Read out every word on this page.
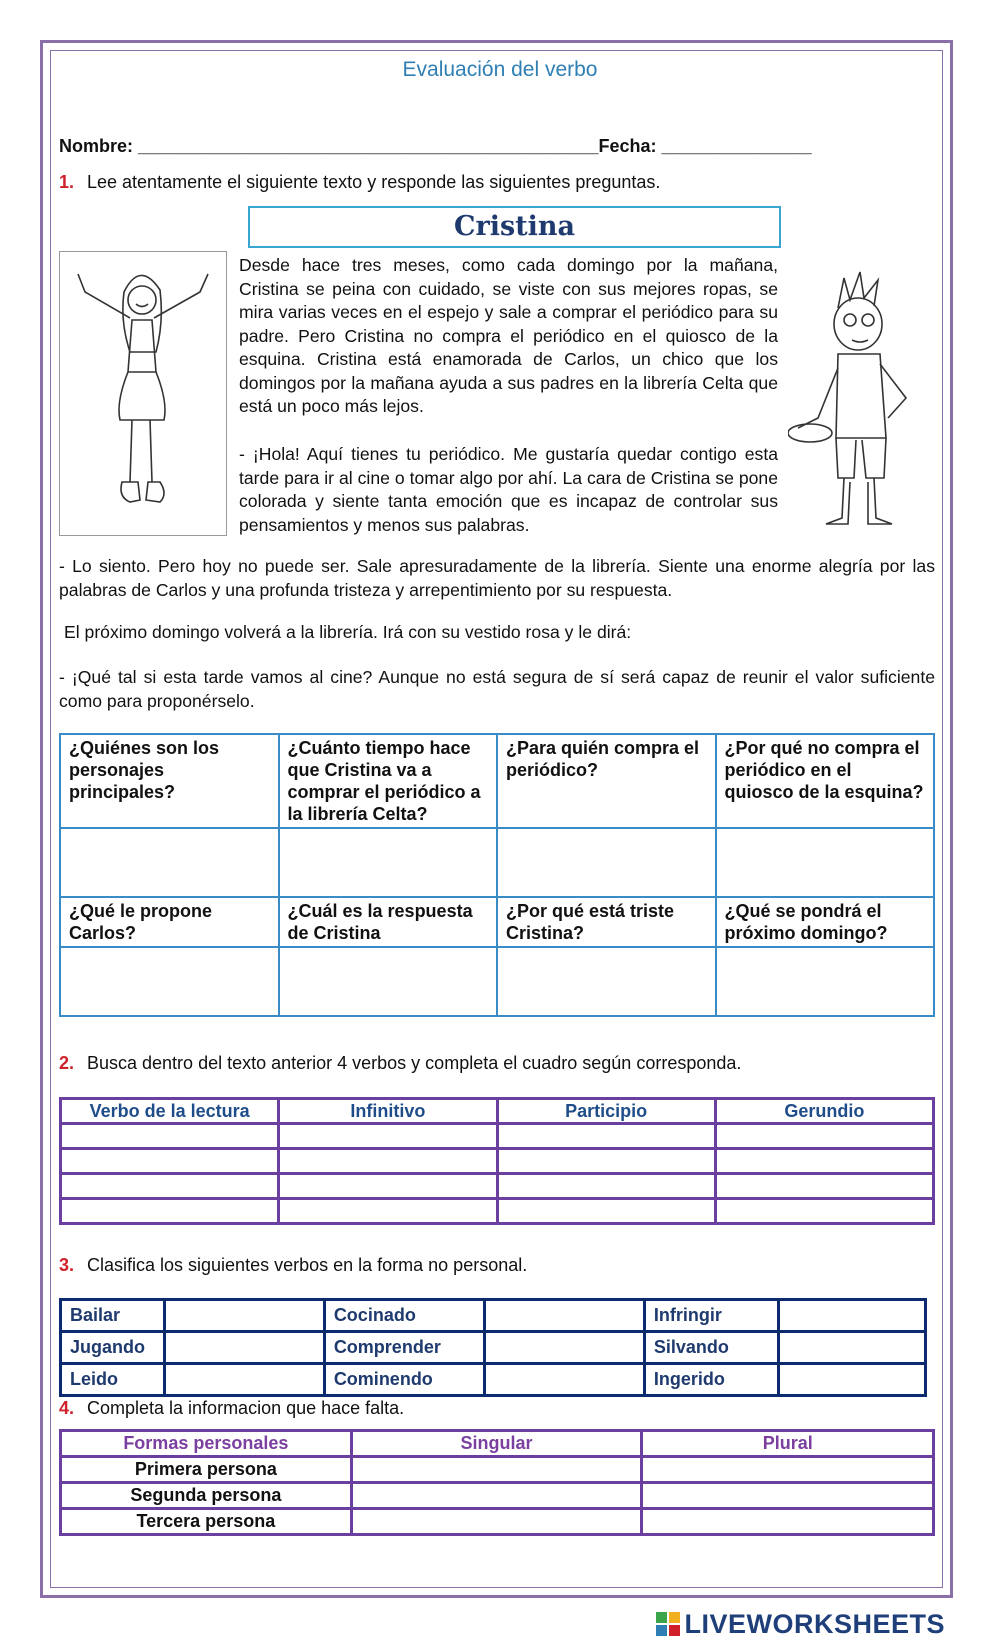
Evaluación del verbo
Nombre: ______________________________________________Fecha: _______________
1. Lee atentamente el siguiente texto y responde las siguientes preguntas.
Cristina
Desde hace tres meses, como cada domingo por la mañana, Cristina se peina con cuidado, se viste con sus mejores ropas, se mira varias veces en el espejo y sale a comprar el periódico para su padre. Pero Cristina no compra el periódico en el quiosco de la esquina. Cristina está enamorada de Carlos, un chico que los domingos por la mañana ayuda a sus padres en la librería Celta que está un poco más lejos.
- ¡Hola! Aquí tienes tu periódico. Me gustaría quedar contigo esta tarde para ir al cine o tomar algo por ahí. La cara de Cristina se pone colorada y siente tanta emoción que es incapaz de controlar sus pensamientos y menos sus palabras.
- Lo siento. Pero hoy no puede ser. Sale apresuradamente de la librería. Siente una enorme alegría por las palabras de Carlos y una profunda tristeza y arrepentimiento por su respuesta.
El próximo domingo volverá a la librería. Irá con su vestido rosa y le dirá:
- ¡Qué tal si esta tarde vamos al cine? Aunque no está segura de sí será capaz de reunir el valor suficiente como para proponérselo.
¿Quiénes son los personajes principales?	¿Cuánto tiempo hace que Cristina va a comprar el periódico a la librería Celta?	¿Para quién compra el periódico?	¿Por qué no compra el periódico en el quiosco de la esquina?

¿Qué le propone Carlos?	¿Cuál es la respuesta de Cristina	¿Por qué está triste Cristina?	¿Qué se pondrá el próximo domingo?

2. Busca dentro del texto anterior 4 verbos y completa el cuadro según corresponda.
Verbo de la lectura	Infinitivo	Participio	Gerundio

3. Clasifica los siguientes verbos en la forma no personal.
Bailar		Cocinado		Infringir	
Jugando		Comprender		Silvando	
Leido		Cominendo		Ingerido	
4. Completa la informacion que hace falta.
Formas personales	Singular	Plural
Primera persona		
Segunda persona		
Tercera persona		
LIVEWORKSHEETS
